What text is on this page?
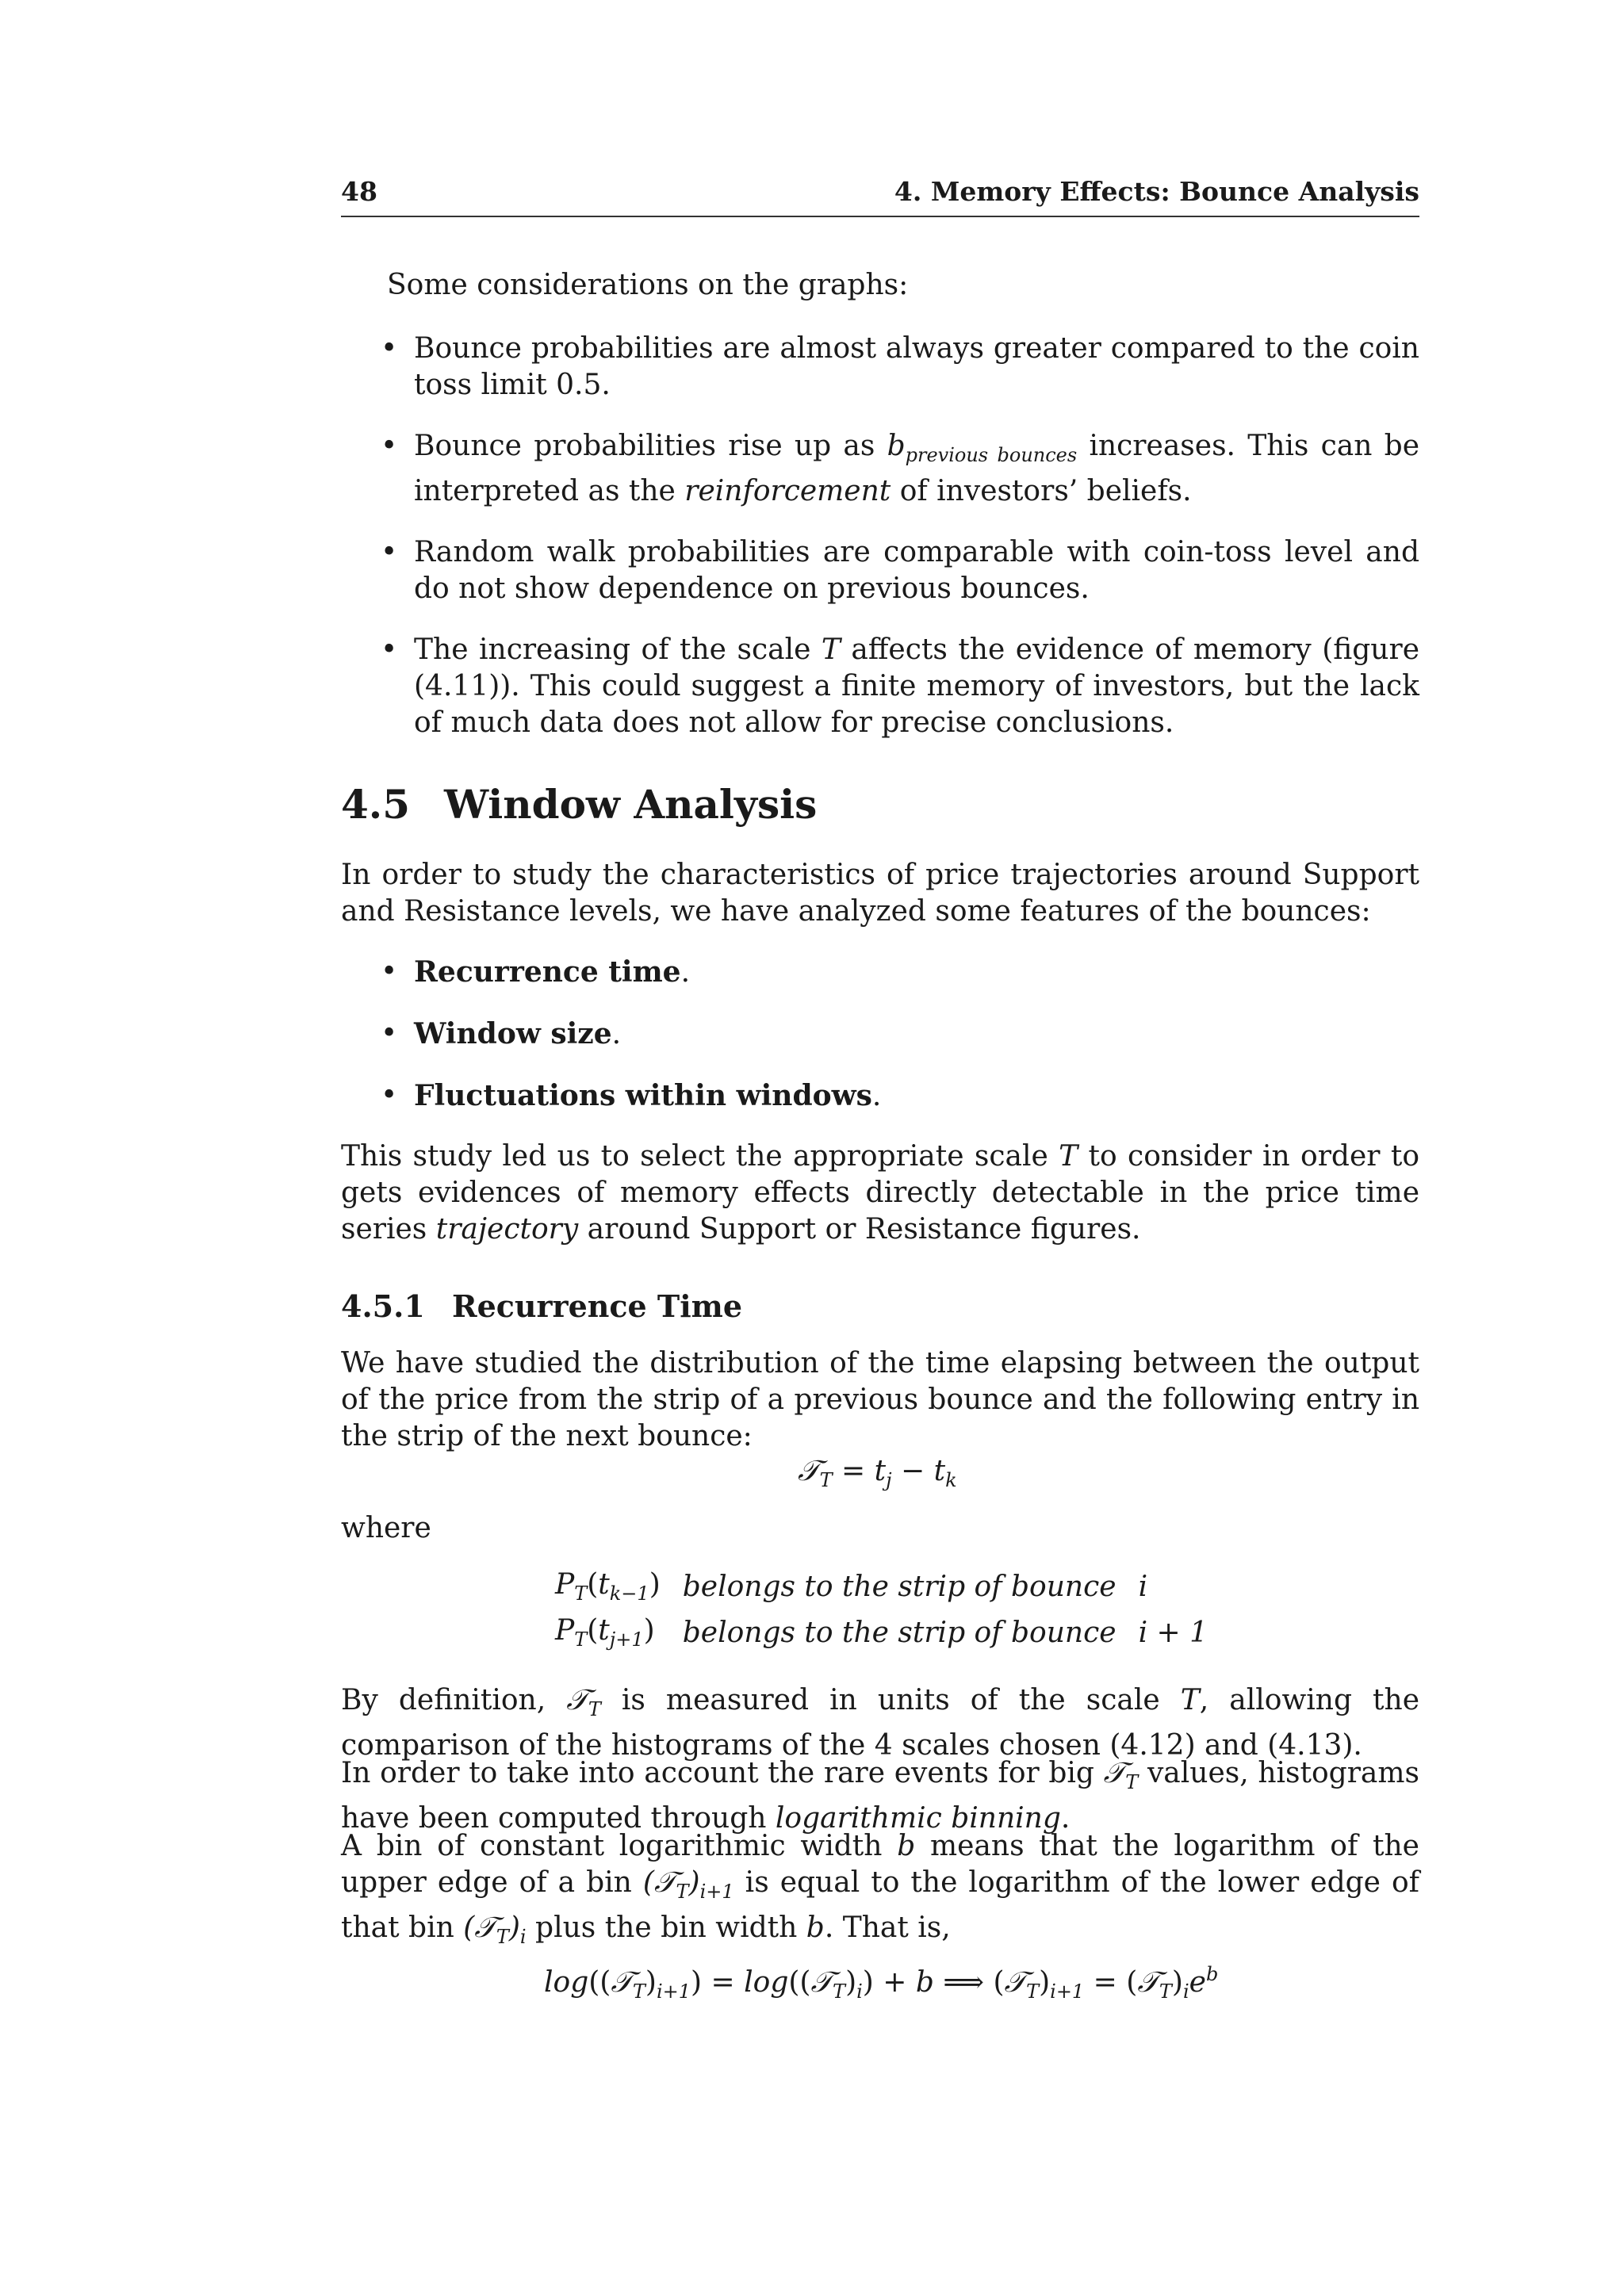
48	4. Memory Effects: Bounce Analysis
Some considerations on the graphs:
• Bounce probabilities are almost always greater compared to the coin toss limit 0.5.
• Bounce probabilities rise up as $b_{previous bounces}$ increases. This can be interpreted as the reinforcement of investors’ beliefs.
• Random walk probabilities are comparable with coin-toss level and do not show dependence on previous bounces.
• The increasing of the scale T affects the evidence of memory (figure (4.11)). This could suggest a finite memory of investors, but the lack of much data does not allow for precise conclusions.
4.5 Window Analysis
In order to study the characteristics of price trajectories around Support and Resistance levels, we have analyzed some features of the bounces:
• Recurrence time.
• Window size.
• Fluctuations within windows.
This study led us to select the appropriate scale T to consider in order to gets evidences of memory effects directly detectable in the price time series trajectory around Support or Resistance figures.
4.5.1 Recurrence Time
We have studied the distribution of the time elapsing between the output of the price from the strip of a previous bounce and the following entry in the strip of the next bounce:
𝒯$_T$ = $t_j - t_k$
where
$P_T(t_{k-1})$	belongs to the strip of bounce	i
$P_T(t_{j+1})$	belongs to the strip of bounce	i + 1
By definition, 𝒯$_T$ is measured in units of the scale T, allowing the comparison of the histograms of the 4 scales chosen (4.12) and (4.13).
In order to take into account the rare events for big 𝒯$_T$ values, histograms have been computed through logarithmic binning.
A bin of constant logarithmic width b means that the logarithm of the upper edge of a bin $(𝒯_T)_{i+1}$ is equal to the logarithm of the lower edge of that bin $(𝒯_T)_i$ plus the bin width b. That is,
$\log((𝒯_T)_{i+1})$ = $\log((𝒯_T)_i) + b$ ⟹ $(𝒯_T)_{i+1}$ = $(𝒯_T)_ie^b$
